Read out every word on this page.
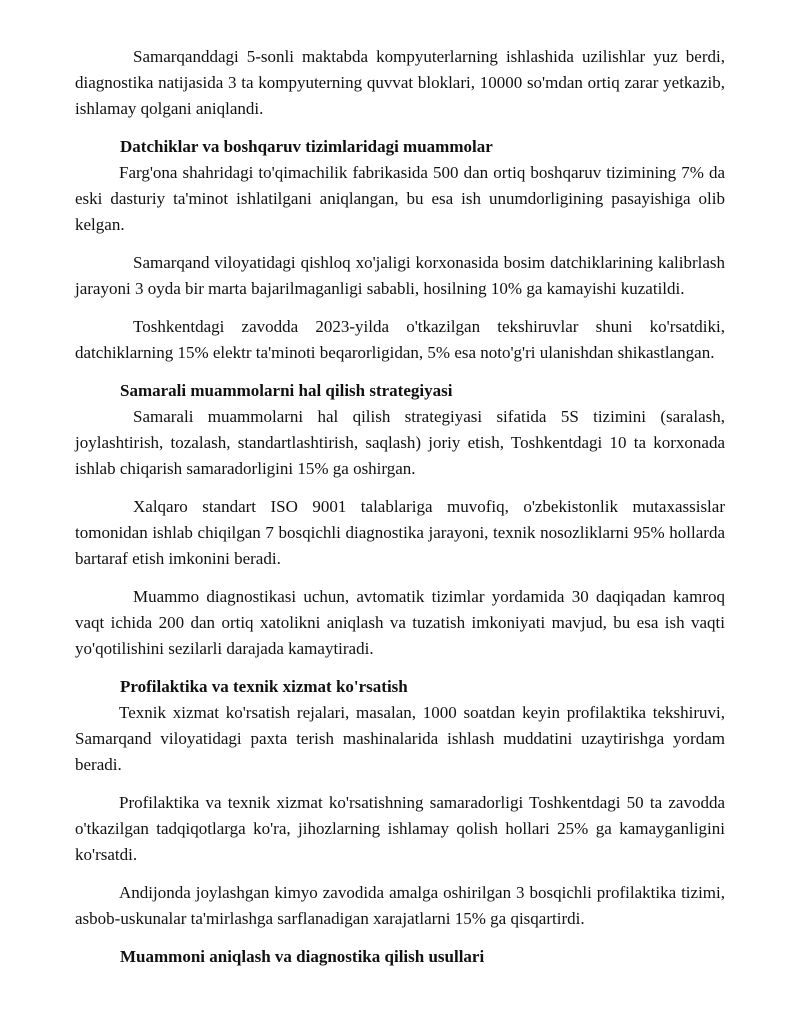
Samarqanddagi 5-sonli maktabda kompyuterlarning ishlashida uzilishlar yuz berdi, diagnostika natijasida 3 ta kompyuterning quvvat bloklari, 10000 so'mdan ortiq zarar yetkazib, ishlamay qolgani aniqlandi.

Datchiklar va boshqaruv tizimlaridagi muammolar

Farg'ona shahridagi to'qimachilik fabrikasida 500 dan ortiq boshqaruv tizimining 7% da eski dasturiy ta'minot ishlatilgani aniqlangan, bu esa ish unumdorligining pasayishiga olib kelgan.

Samarqand viloyatidagi qishloq xo'jaligi korxonasida bosim datchiklarining kalibrlash jarayoni 3 oyda bir marta bajarilmaganligi sababli, hosilning 10% ga kamayishi kuzatildi.

Toshkentdagi zavodda 2023-yilda o'tkazilgan tekshiruvlar shuni ko'rsatdiki, datchiklarning 15% elektr ta'minoti beqarorligidan, 5% esa noto'g'ri ulanishdan shikastlangan.

Samarali muammolarni hal qilish strategiyasi

Samarali muammolarni hal qilish strategiyasi sifatida 5S tizimini (saralash, joylashtirish, tozalash, standartlashtirish, saqlash) joriy etish, Toshkentdagi 10 ta korxonada ishlab chiqarish samaradorligini 15% ga oshirgan.

Xalqaro standart ISO 9001 talablariga muvofiq, o'zbekistonlik mutaxassislar tomonidan ishlab chiqilgan 7 bosqichli diagnostika jarayoni, texnik nosozliklarni 95% hollarda bartaraf etish imkonini beradi.

Muammo diagnostikasi uchun, avtomatik tizimlar yordamida 30 daqiqadan kamroq vaqt ichida 200 dan ortiq xatolikni aniqlash va tuzatish imkoniyati mavjud, bu esa ish vaqti yo'qotilishini sezilarli darajada kamaytiradi.

Profilaktika va texnik xizmat ko'rsatish

Texnik xizmat ko'rsatish rejalari, masalan, 1000 soatdan keyin profilaktika tekshiruvi, Samarqand viloyatidagi paxta terish mashinalarida ishlash muddatini uzaytirishga yordam beradi.

Profilaktika va texnik xizmat ko'rsatishning samaradorligi Toshkentdagi 50 ta zavodda o'tkazilgan tadqiqotlarga ko'ra, jihozlarning ishlamay qolish hollari 25% ga kamayganligini ko'rsatdi.

Andijonda joylashgan kimyo zavodida amalga oshirilgan 3 bosqichli profilaktika tizimi, asbob-uskunalar ta'mirlashga sarflanadigan xarajatlarni 15% ga qisqartirdi.

Muammoni aniqlash va diagnostika qilish usullari
